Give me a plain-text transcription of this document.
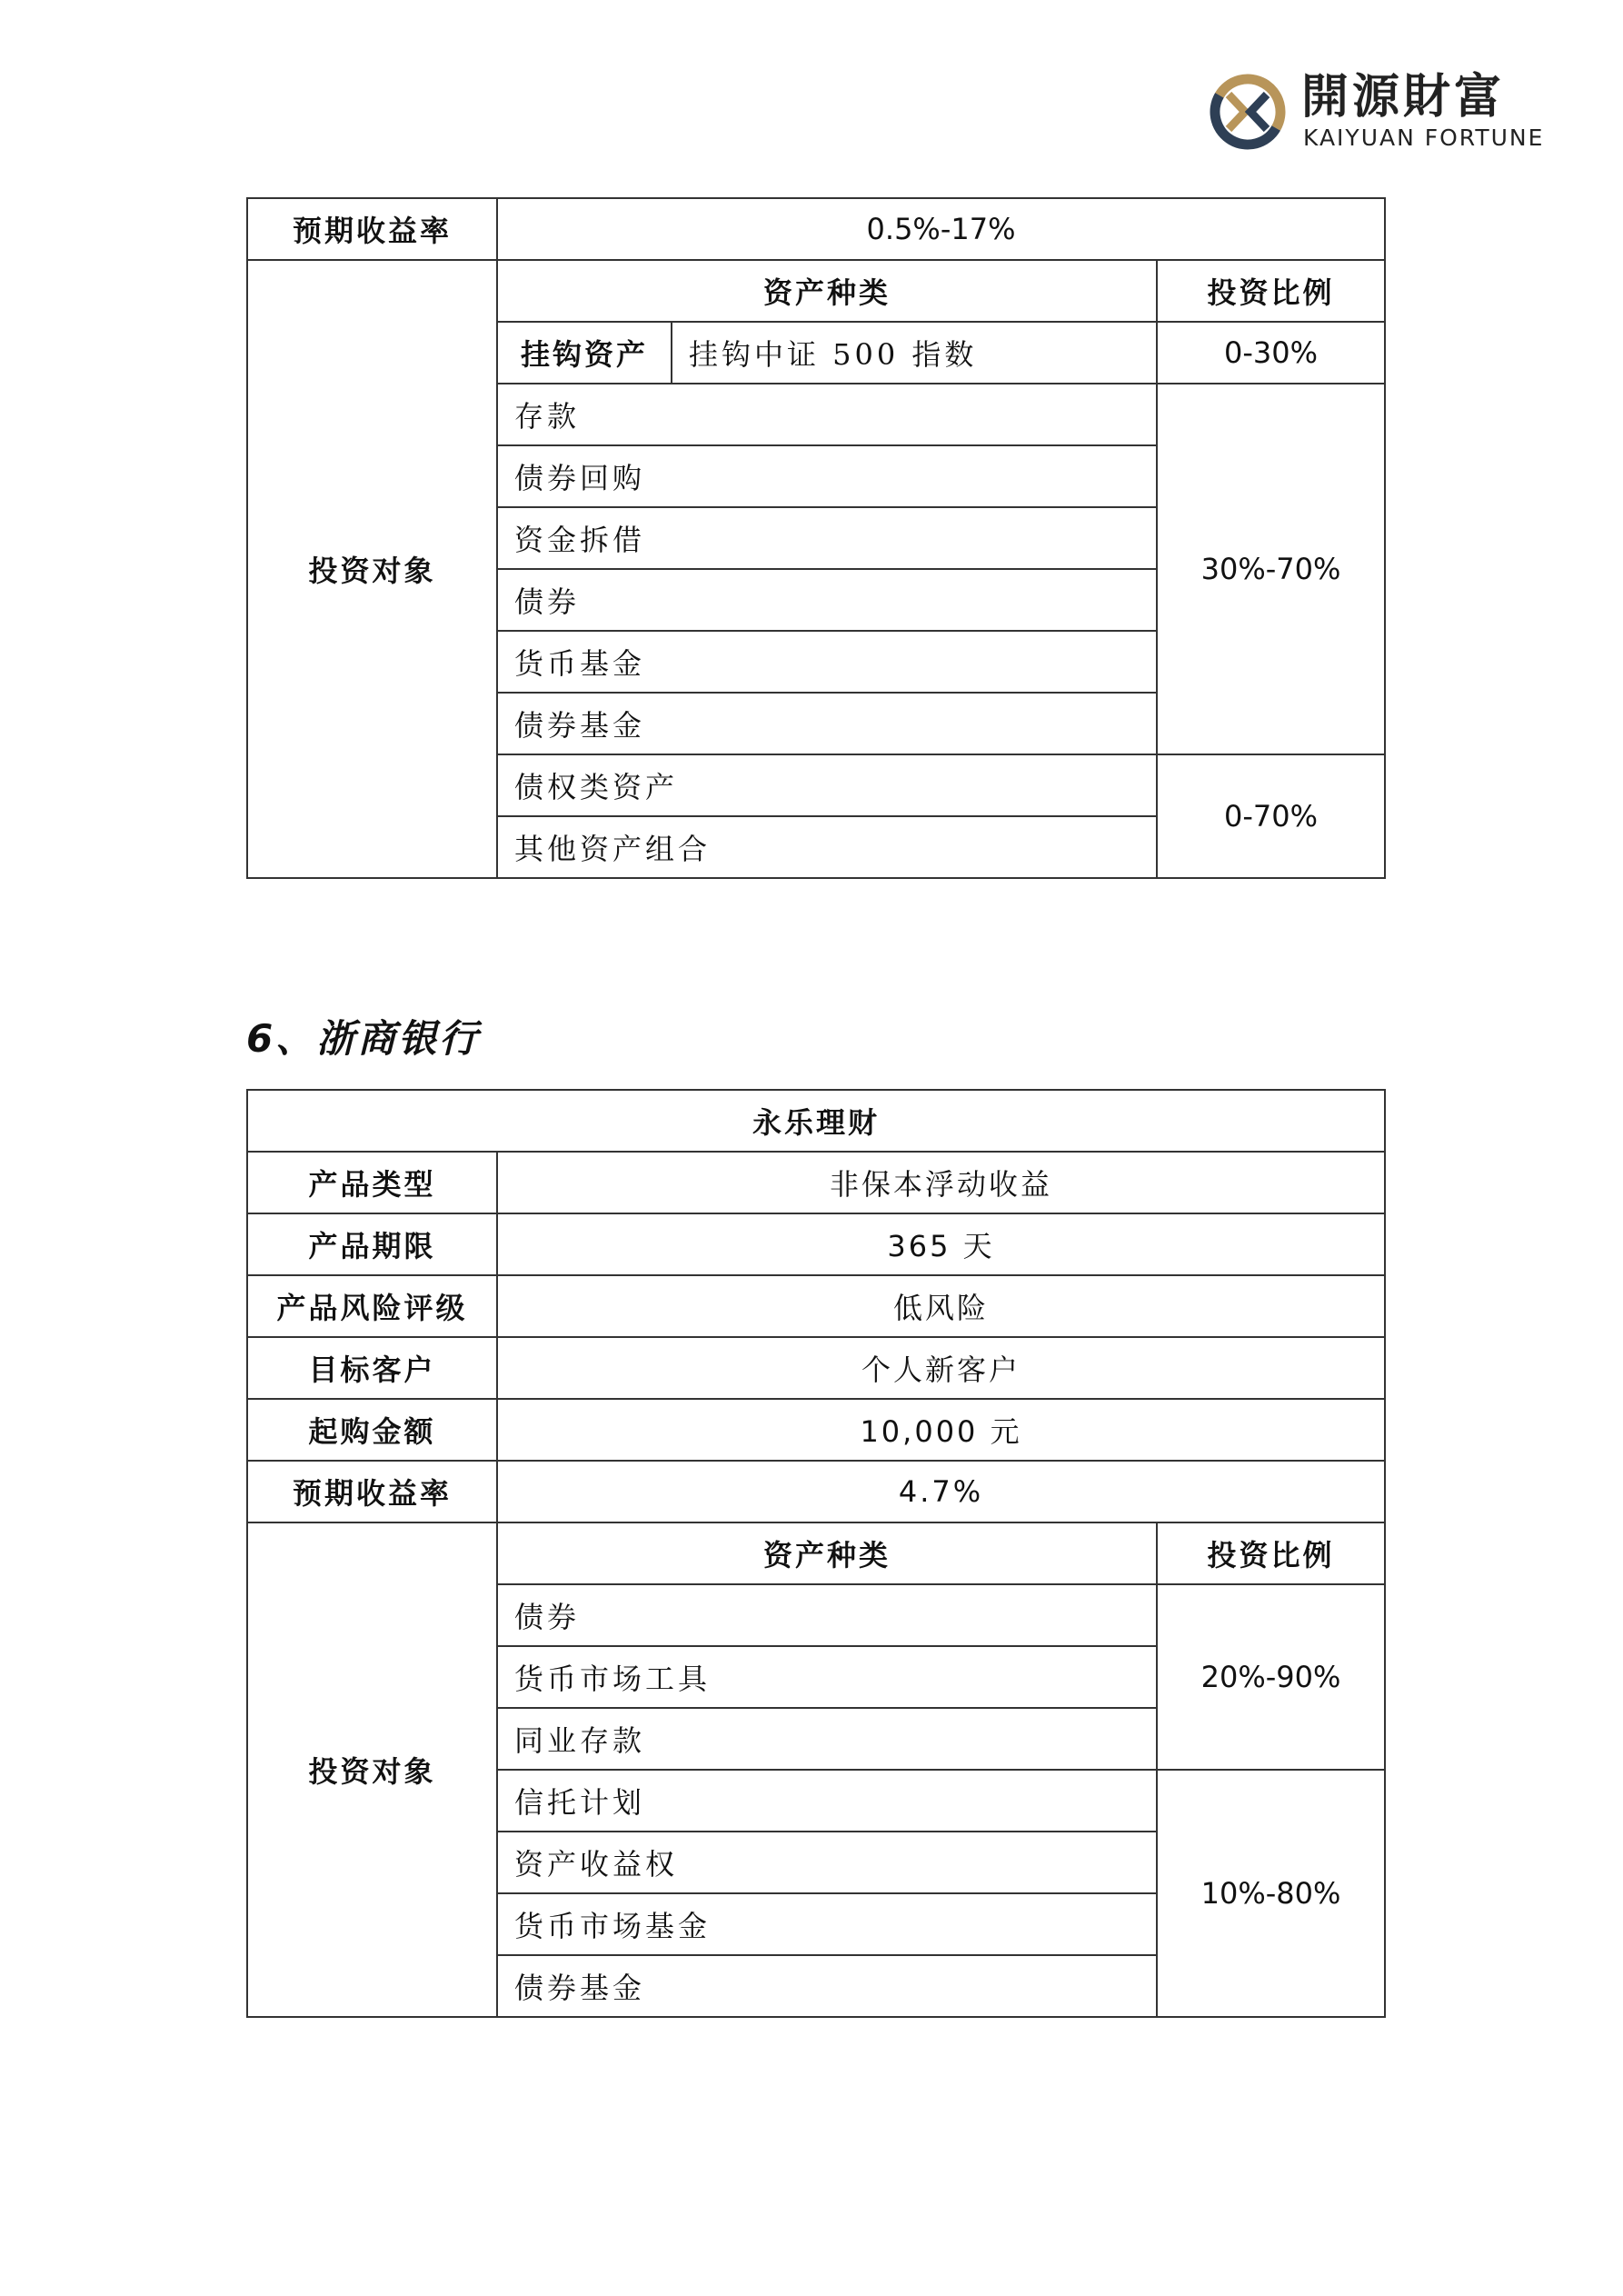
開源財富
KAIYUAN FORTUNE
预期收益率	0.5%-17%		
投资对象	资产种类		投资比例
	挂钩资产	挂钩中证 500 指数	0-30%
	存款		30%-70%
	债券回购		
	资金拆借		
	债券		
	货币基金		
	债券基金		
	债权类资产		0-70%
	其他资产组合		
6、浙商银行
永乐理财		
产品类型	非保本浮动收益	
产品期限	365 天	
产品风险评级	低风险	
目标客户	个人新客户	
起购金额	10,000 元	
预期收益率	4.7%	
投资对象	资产种类	投资比例
	债券	20%-90%
	货币市场工具	
	同业存款	
	信托计划	10%-80%
	资产收益权	
	货币市场基金	
	债券基金	
